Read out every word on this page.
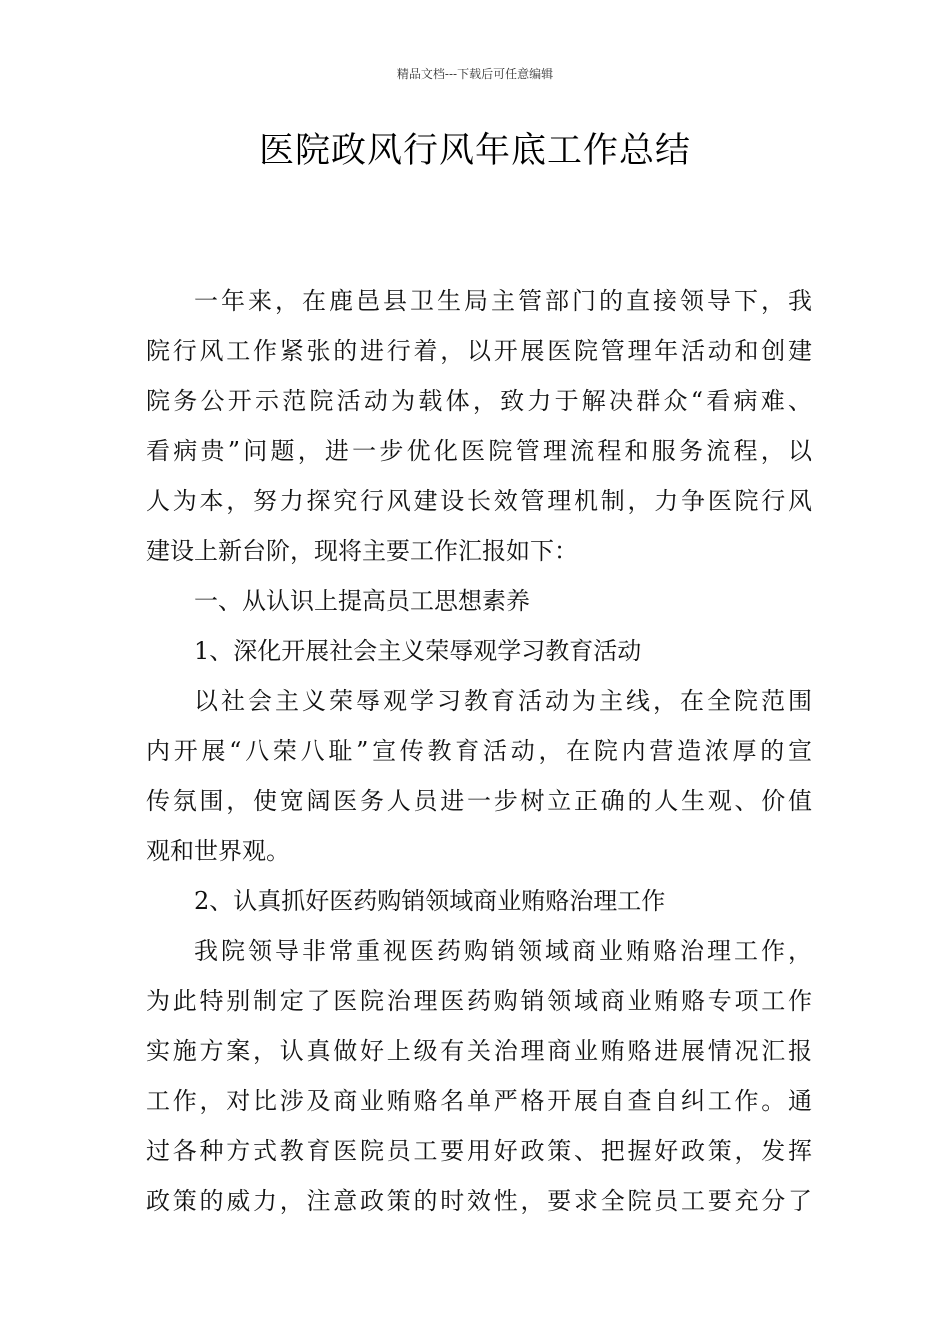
精品文档---下载后可任意编辑
医院政风行风年底工作总结
一年来，在鹿邑县卫生局主管部门的直接领导下，我
院行风工作紧张的进行着，以开展医院管理年活动和创建
院务公开示范院活动为载体，致力于解决群众“看病难、
看病贵”问题，进一步优化医院管理流程和服务流程，以
人为本，努力探究行风建设长效管理机制，力争医院行风
建设上新台阶，现将主要工作汇报如下：
一、从认识上提高员工思想素养
1、深化开展社会主义荣辱观学习教育活动
以社会主义荣辱观学习教育活动为主线，在全院范围
内开展“八荣八耻”宣传教育活动，在院内营造浓厚的宣
传氛围，使宽阔医务人员进一步树立正确的人生观、价值
观和世界观。
2、认真抓好医药购销领域商业贿赂治理工作
我院领导非常重视医药购销领域商业贿赂治理工作，
为此特别制定了医院治理医药购销领域商业贿赂专项工作
实施方案，认真做好上级有关治理商业贿赂进展情况汇报
工作，对比涉及商业贿赂名单严格开展自查自纠工作。通
过各种方式教育医院员工要用好政策、把握好政策，发挥
政策的威力，注意政策的时效性，要求全院员工要充分了
